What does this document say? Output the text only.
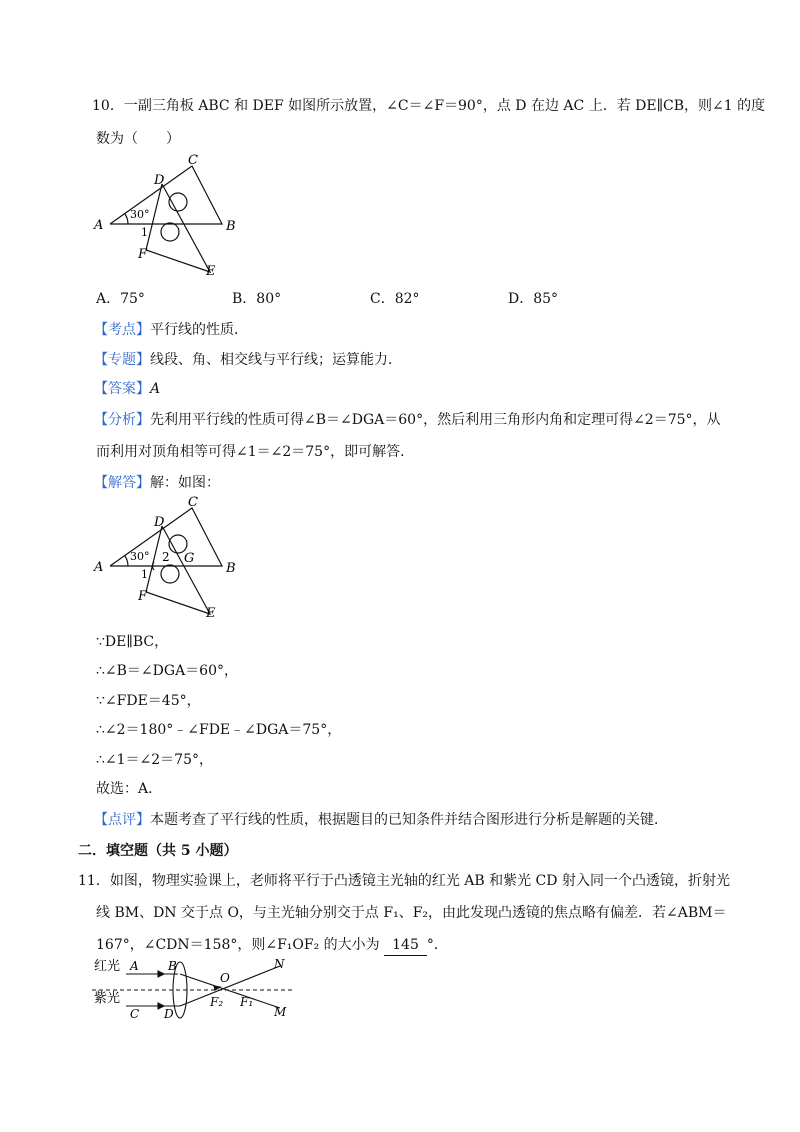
10．一副三角板 ABC 和 DEF 如图所示放置，∠C＝∠F＝90°，点 D 在边 AC 上．若 DE∥CB，则∠1 的度
数为（　　）
A	B
C
D
E
F
30°
1
A．75°	B．80°	C．82°	D．85°
【考点】平行线的性质．
【专题】线段、角、相交线与平行线；运算能力．
【答案】A
【分析】先利用平行线的性质可得∠B＝∠DGA＝60°，然后利用三角形内角和定理可得∠2＝75°，从
而利用对顶角相等可得∠1＝∠2＝75°，即可解答．
【解答】解：如图：
A	B
C
D
E
F
G
30° 2
1
∵DE∥BC，
∴∠B＝∠DGA＝60°，
∵∠FDE＝45°，
∴∠2＝180°﹣∠FDE﹣∠DGA＝75°，
∴∠1＝∠2＝75°，
故选：A．
【点评】本题考查了平行线的性质，根据题目的已知条件并结合图形进行分析是解题的关键．
二．填空题（共 5 小题）
11．如图，物理实验课上，老师将平行于凸透镜主光轴的红光 AB 和紫光 CD 射入同一个凸透镜，折射光
线 BM、DN 交于点 O，与主光轴分别交于点 F₁、F₂，由此发现凸透镜的焦点略有偏差．若∠ABM＝
167°，∠CDN＝158°，则∠F₁OF₂ 的大小为 145 °．
红光
紫光
A B
C D
O
N
M
F₂ F₁
